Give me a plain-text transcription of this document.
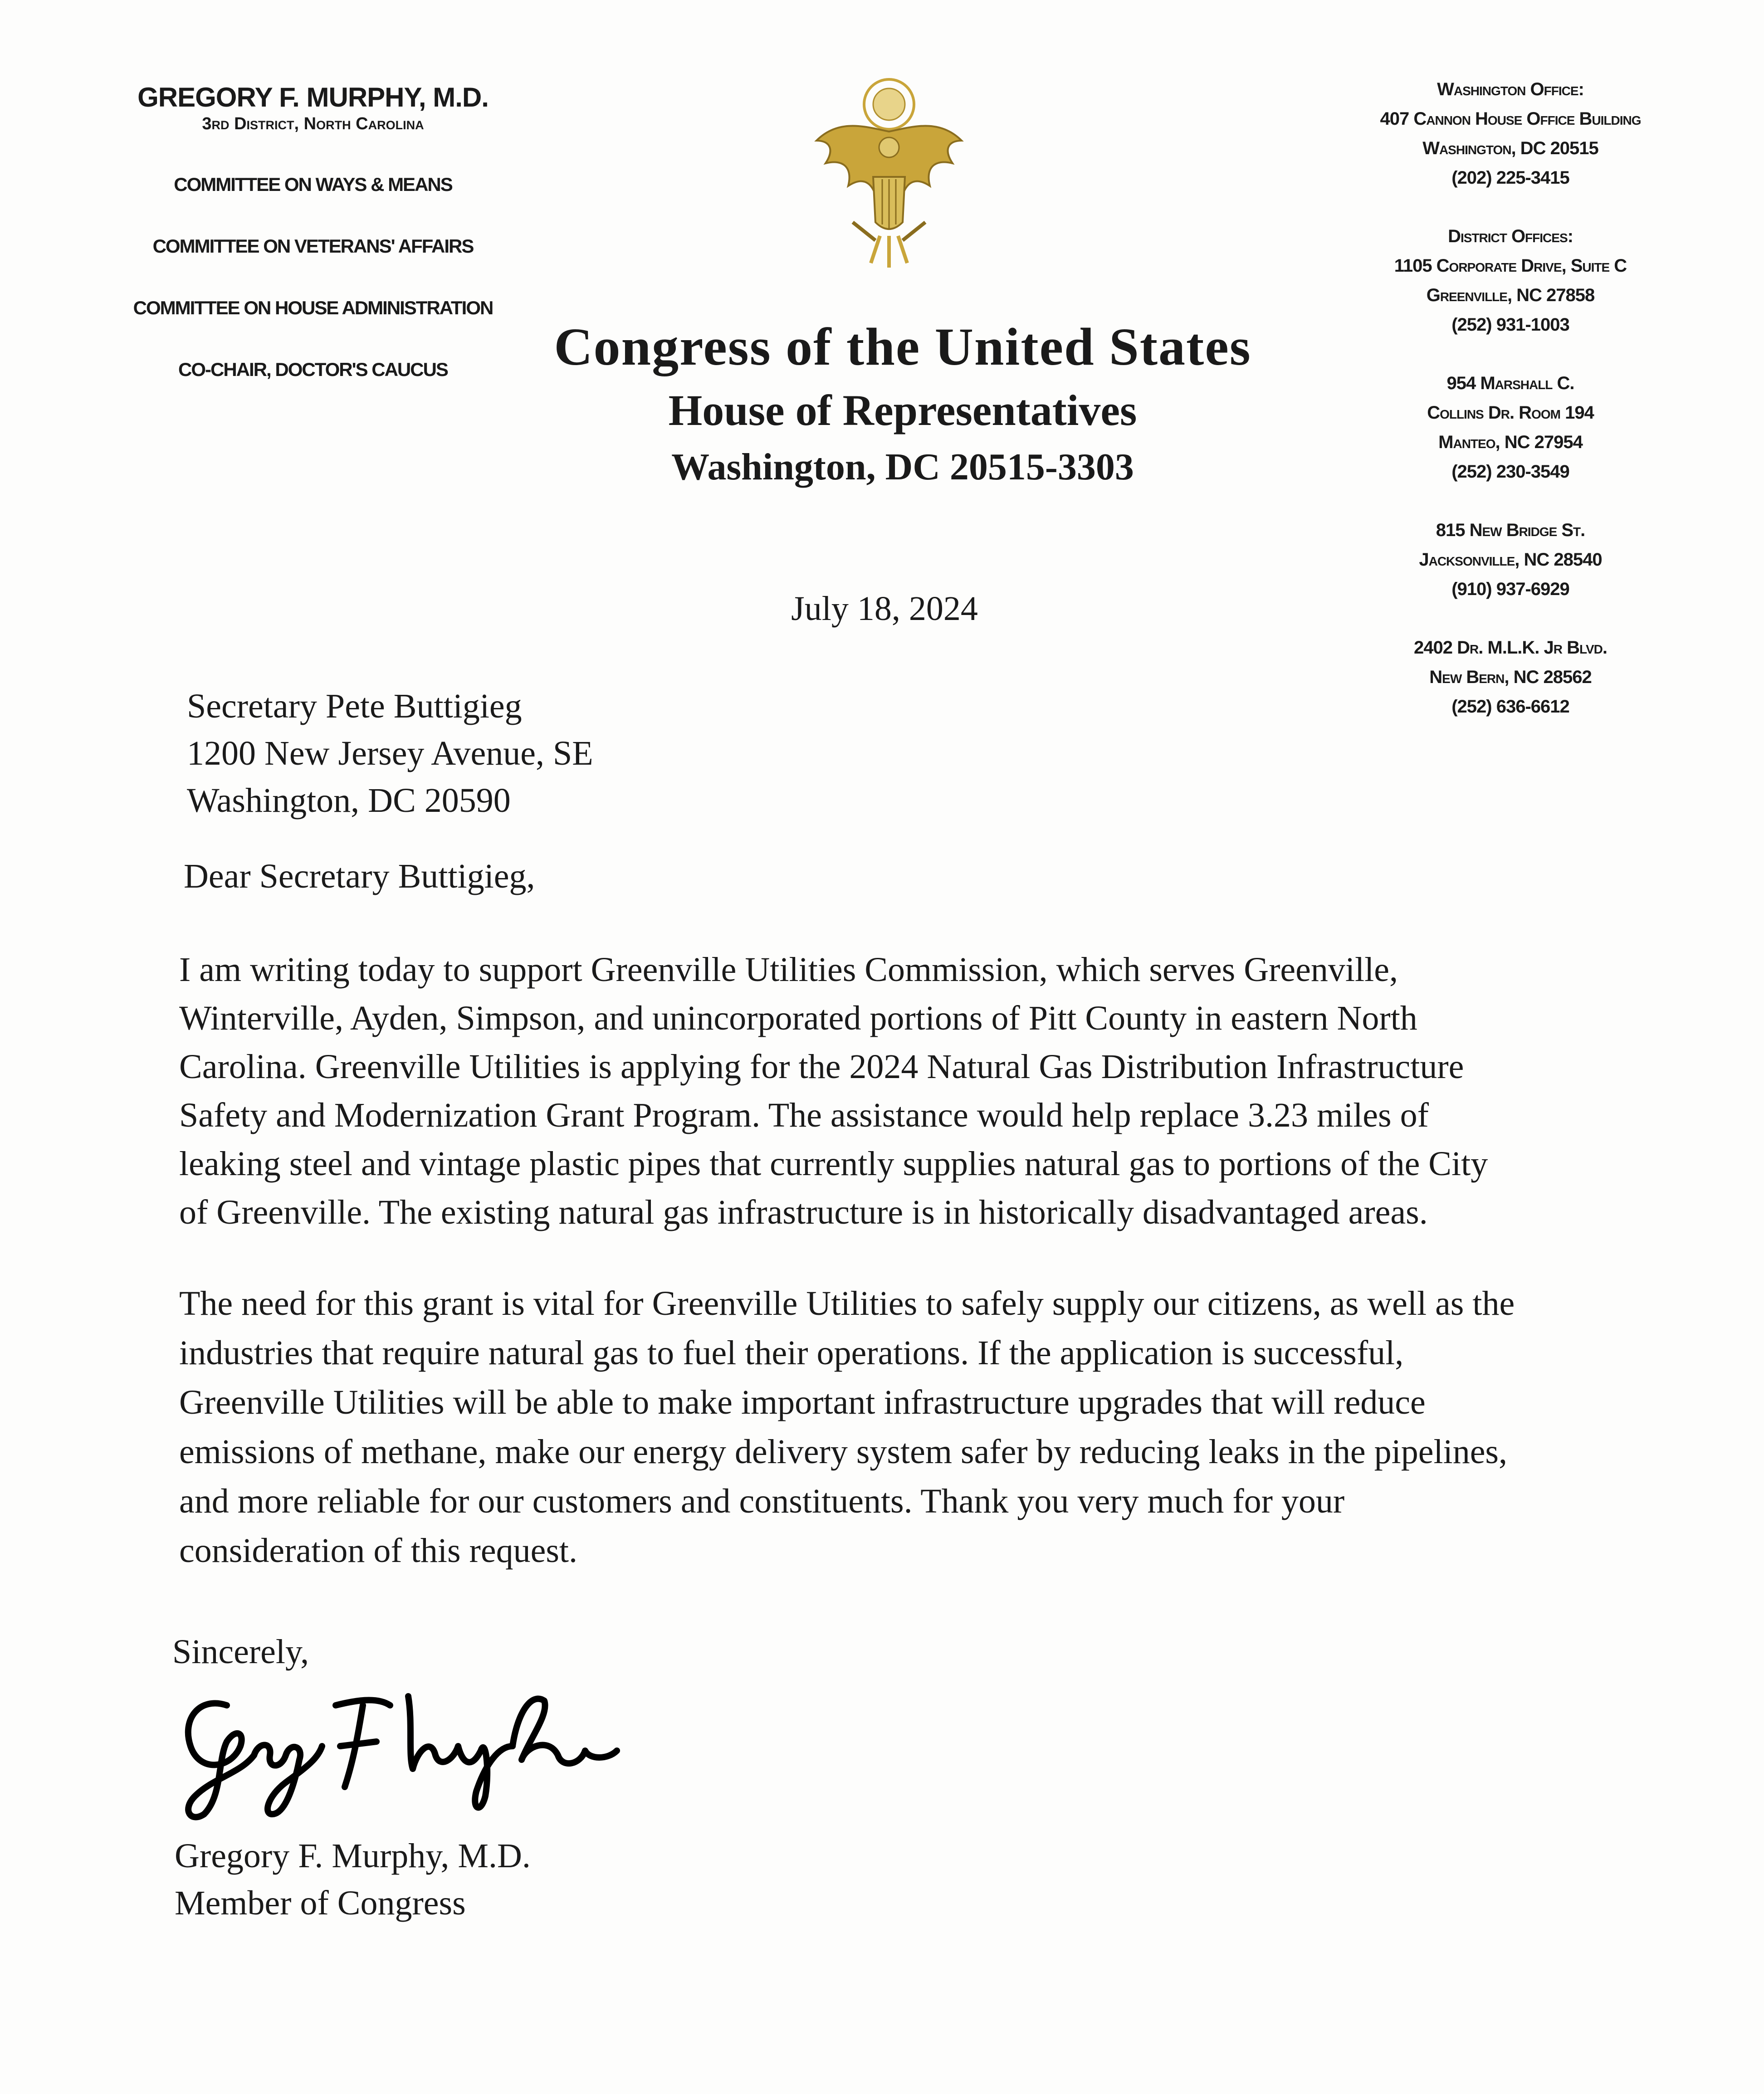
GREGORY F. MURPHY, M.D.
3rd District, North Carolina
COMMITTEE ON WAYS & MEANS
COMMITTEE ON VETERANS' AFFAIRS
COMMITTEE ON HOUSE ADMINISTRATION
CO-CHAIR, DOCTOR'S CAUCUS	Congress of the United States
House of Representatives
Washington, DC 20515-3303
Washington Office:
407 Cannon House Office Building
Washington, DC 20515
(202) 225-3415
District Offices:
1105 Corporate Drive, Suite C
Greenville, NC 27858
(252) 931-1003
954 Marshall C.
Collins Dr. Room 194
Manteo, NC 27954
(252) 230-3549
815 New Bridge St.
Jacksonville, NC 28540
(910) 937-6929
2402 Dr. M.L.K. Jr Blvd.
New Bern, NC 28562
(252) 636-6612
July 18, 2024
Secretary Pete Buttigieg
1200 New Jersey Avenue, SE
Washington, DC 20590
Dear Secretary Buttigieg,
I am writing today to support Greenville Utilities Commission, which serves Greenville,
Winterville, Ayden, Simpson, and unincorporated portions of Pitt County in eastern North
Carolina. Greenville Utilities is applying for the 2024 Natural Gas Distribution Infrastructure
Safety and Modernization Grant Program. The assistance would help replace 3.23 miles of
leaking steel and vintage plastic pipes that currently supplies natural gas to portions of the City
of Greenville. The existing natural gas infrastructure is in historically disadvantaged areas.
The need for this grant is vital for Greenville Utilities to safely supply our citizens, as well as the
industries that require natural gas to fuel their operations. If the application is successful,
Greenville Utilities will be able to make important infrastructure upgrades that will reduce
emissions of methane, make our energy delivery system safer by reducing leaks in the pipelines,
and more reliable for our customers and constituents. Thank you very much for your
consideration of this request.
Sincerely,
Gregory F. Murphy, M.D.
Member of Congress
